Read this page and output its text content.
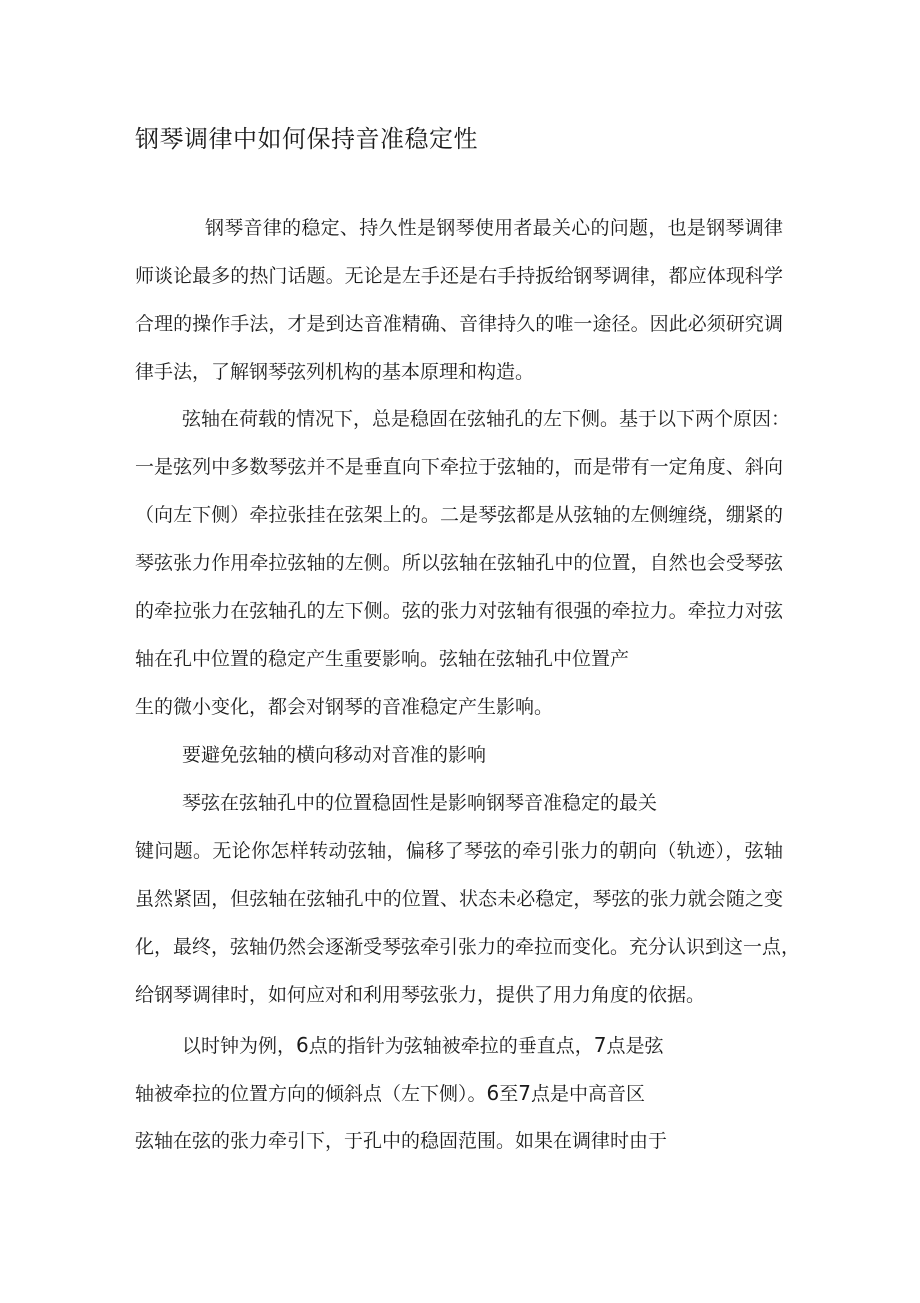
钢琴调律中如何保持音准稳定性
钢琴音律的稳定、持久性是钢琴使用者最关心的问题，也是钢琴调律
师谈论最多的热门话题。无论是左手还是右手持扳给钢琴调律，都应体现科学
合理的操作手法，才是到达音准精确、音律持久的唯一途径。因此必须研究调
律手法，了解钢琴弦列机构的基本原理和构造。
弦轴在荷载的情况下，总是稳固在弦轴孔的左下侧。基于以下两个原因：
一是弦列中多数琴弦并不是垂直向下牵拉于弦轴的，而是带有一定角度、斜向
（向左下侧）牵拉张挂在弦架上的。二是琴弦都是从弦轴的左侧缠绕，绷紧的
琴弦张力作用牵拉弦轴的左侧。所以弦轴在弦轴孔中的位置，自然也会受琴弦
的牵拉张力在弦轴孔的左下侧。弦的张力对弦轴有很强的牵拉力。牵拉力对弦
轴在孔中位置的稳定产生重要影响。弦轴在弦轴孔中位置产
生的微小变化，都会对钢琴的音准稳定产生影响。
要避免弦轴的横向移动对音准的影响
琴弦在弦轴孔中的位置稳固性是影响钢琴音准稳定的最关
键问题。无论你怎样转动弦轴，偏移了琴弦的牵引张力的朝向（轨迹），弦轴
虽然紧固，但弦轴在弦轴孔中的位置、状态未必稳定，琴弦的张力就会随之变
化，最终，弦轴仍然会逐渐受琴弦牵引张力的牵拉而变化。充分认识到这一点，
给钢琴调律时，如何应对和利用琴弦张力，提供了用力角度的依据。
以时钟为例，6点的指针为弦轴被牵拉的垂直点，7点是弦
轴被牵拉的位置方向的倾斜点（左下侧）。6至7点是中高音区
弦轴在弦的张力牵引下，于孔中的稳固范围。如果在调律时由于
